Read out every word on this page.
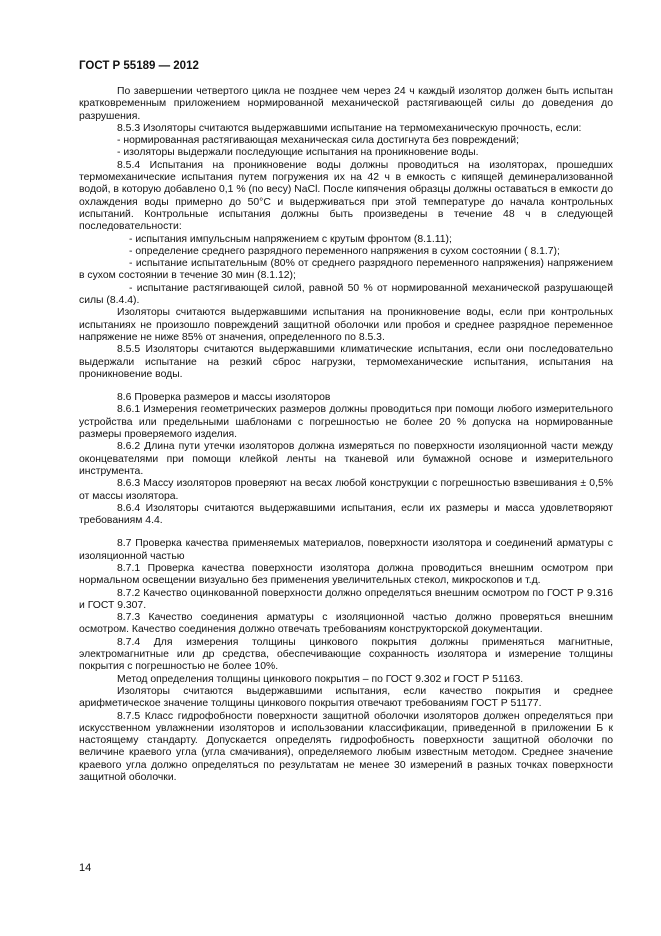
ГОСТ Р 55189 — 2012

По завершении четвертого цикла не позднее чем через 24 ч каждый изолятор должен быть испытан кратковременным приложением нормированной механической растягивающей силы до доведения до разрушения.

8.5.3 Изоляторы считаются выдержавшими испытание на термомеханическую прочность, если:

- нормированная растягивающая механическая сила достигнута без повреждений;

- изоляторы выдержали последующие испытания на проникновение воды.

8.5.4 Испытания на проникновение воды должны проводиться на изоляторах, прошедших термомеханические испытания путем погружения их на 42 ч в емкость с кипящей деминерализованной водой, в которую добавлено 0,1 % (по весу) NaCl. После кипячения образцы должны оставаться в емкости до охлаждения воды примерно до 50°С и выдерживаться при этой температуре до начала контрольных испытаний. Контрольные испытания должны быть произведены в течение 48 ч в следующей последовательности:

- испытания импульсным напряжением с крутым фронтом (8.1.11);

- определение среднего разрядного переменного напряжения в сухом состоянии ( 8.1.7);

- испытание испытательным (80% от среднего разрядного переменного напряжения) напряжением в сухом состоянии в течение 30 мин (8.1.12);

- испытание растягивающей силой, равной 50 % от нормированной механической разрушающей силы (8.4.4).

Изоляторы считаются выдержавшими испытания на проникновение воды, если при контрольных испытаниях не произошло повреждений защитной оболочки или пробоя и среднее разрядное переменное напряжение не ниже 85% от значения, определенного по 8.5.3.

8.5.5 Изоляторы считаются выдержавшими климатические испытания, если они последовательно выдержали испытание на резкий сброс нагрузки, термомеханические испытания, испытания на проникновение воды.

8.6 Проверка размеров и массы изоляторов

8.6.1 Измерения геометрических размеров должны проводиться при помощи любого измерительного устройства или предельными шаблонами с погрешностью не более 20 % допуска на нормированные размеры проверяемого изделия.

8.6.2 Длина пути утечки изоляторов должна измеряться по поверхности изоляционной части между оконцевателями при помощи клейкой ленты на тканевой или бумажной основе и измерительного инструмента.

8.6.3 Массу изоляторов проверяют на весах любой конструкции с погрешностью взвешивания ± 0,5% от массы изолятора.

8.6.4 Изоляторы считаются выдержавшими испытания, если их размеры и масса удовлетворяют требованиям 4.4.

8.7 Проверка качества применяемых материалов, поверхности изолятора и соединений арматуры с изоляционной частью

8.7.1 Проверка качества поверхности изолятора должна проводиться внешним осмотром при нормальном освещении визуально без применения увеличительных стекол, микроскопов и т.д.

8.7.2 Качество оцинкованной поверхности должно определяться внешним осмотром по ГОСТ Р 9.316 и ГОСТ 9.307.

8.7.3 Качество соединения арматуры с изоляционной частью должно проверяться внешним осмотром. Качество соединения должно отвечать требованиям конструкторской документации.

8.7.4 Для измерения толщины цинкового покрытия должны применяться магнитные, электромагнитные или др средства, обеспечивающие сохранность изолятора и измерение толщины покрытия с погрешностью не более 10%.

Метод определения толщины цинкового покрытия – по ГОСТ 9.302 и ГОСТ Р 51163.

Изоляторы считаются выдержавшими испытания, если качество покрытия и среднее арифметическое значение толщины цинкового покрытия отвечают требованиям ГОСТ Р 51177.

8.7.5 Класс гидрофобности поверхности защитной оболочки изоляторов должен определяться при искусственном увлажнении изоляторов и использовании классификации, приведенной в приложении Б к настоящему стандарту. Допускается определять гидрофобность поверхности защитной оболочки по величине краевого угла (угла смачивания), определяемого любым известным методом. Среднее значение краевого угла должно определяться по результатам не менее 30 измерений в разных точках поверхности защитной оболочки.

14
